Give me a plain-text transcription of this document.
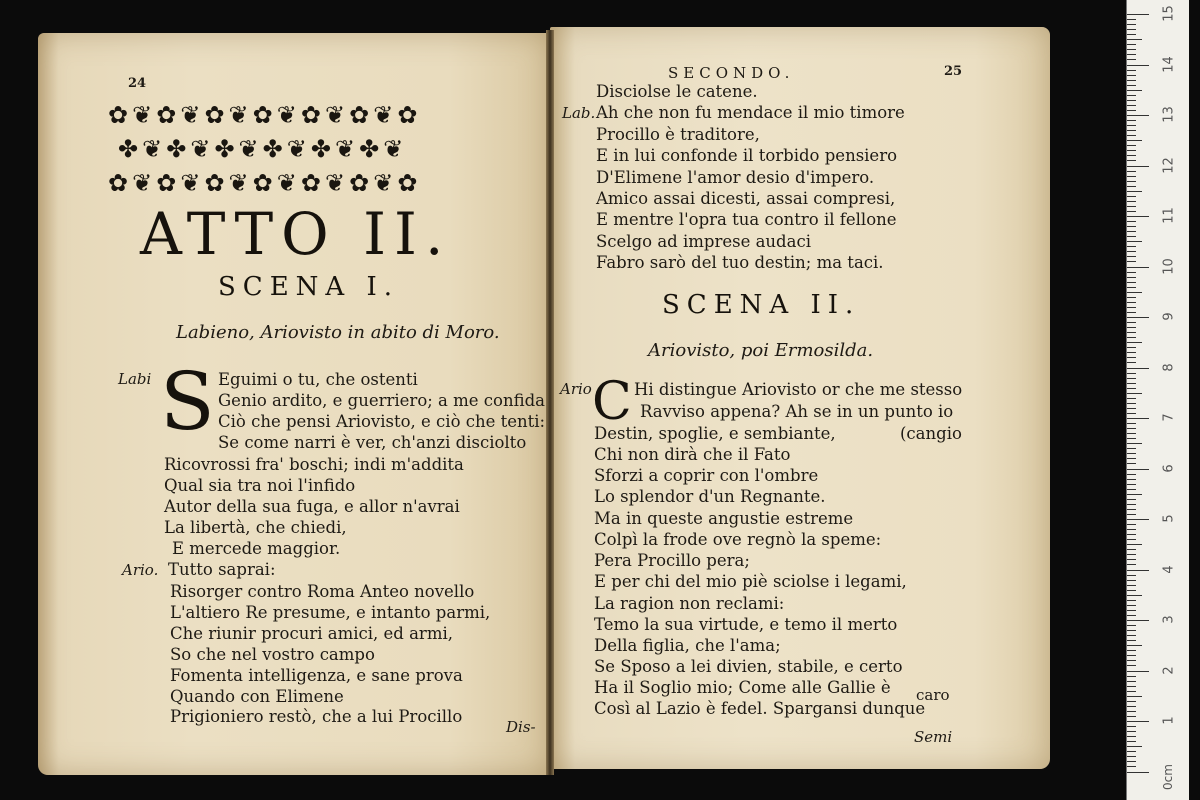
24
✿❦✿❦✿❦✿❦✿❦✿❦✿
✤❦✤❦✤❦✤❦✤❦✤❦
✿❦✿❦✿❦✿❦✿❦✿❦✿
ATTO II.
SCENA I.
Labieno, Ariovisto in abito di Moro.
Labi S Eguimi o tu, che ostenti
Genio ardito, e guerriero; a me confida
Ciò che pensi Ariovisto, e ciò che tenti:
Se come narri è ver, ch'anzi disciolto
Ricovrossi fra' boschi; indi m'addita
Qual sia tra noi l'infido
Autor della sua fuga, e allor n'avrai
La libertà, che chiedi,
E mercede maggior.
Ario. Tutto saprai:
Risorger contro Roma Anteo novello
L'altiero Re presume, e intanto parmi,
Che riunir procuri amici, ed armi,
So che nel vostro campo
Fomenta intelligenza, e sane prova
Quando con Elimene
Prigioniero restò, che a lui Procillo
Dis-
SECONDO.	25
Disciolse le catene.
Lab. Ah che non fu mendace il mio timore
Procillo è traditore,
E in lui confonde il torbido pensiero
D'Elimene l'amor desio d'impero.
Amico assai dicesti, assai compresi,
E mentre l'opra tua contro il fellone
Scelgo ad imprese audaci
Fabro sarò del tuo destin; ma taci.
SCENA II.
Ariovisto, poi Ermosilda.
Ario C Hi distingue Ariovisto or che me stesso
Ravviso appena? Ah se in un punto io
Destin, spoglie, e sembiante,	(cangio
Chi non dirà che il Fato
Sforzi a coprir con l'ombre
Lo splendor d'un Regnante.
Ma in queste angustie estreme
Colpì la frode ove regnò la speme:
Pera Procillo pera;
E per chi del mio piè sciolse i legami,
La ragion non reclami:
Temo la sua virtude, e temo il merto
Della figlia, che l'ama;
Se Sposo a lei divien, stabile, e certo
Ha il Soglio mio; Come alle Gallie è caro
Così al Lazio è fedel. Spargansi dunque
Semi
15
14
13
12
11
10
9
8
7
6
5
4
3
2
1
0cm
